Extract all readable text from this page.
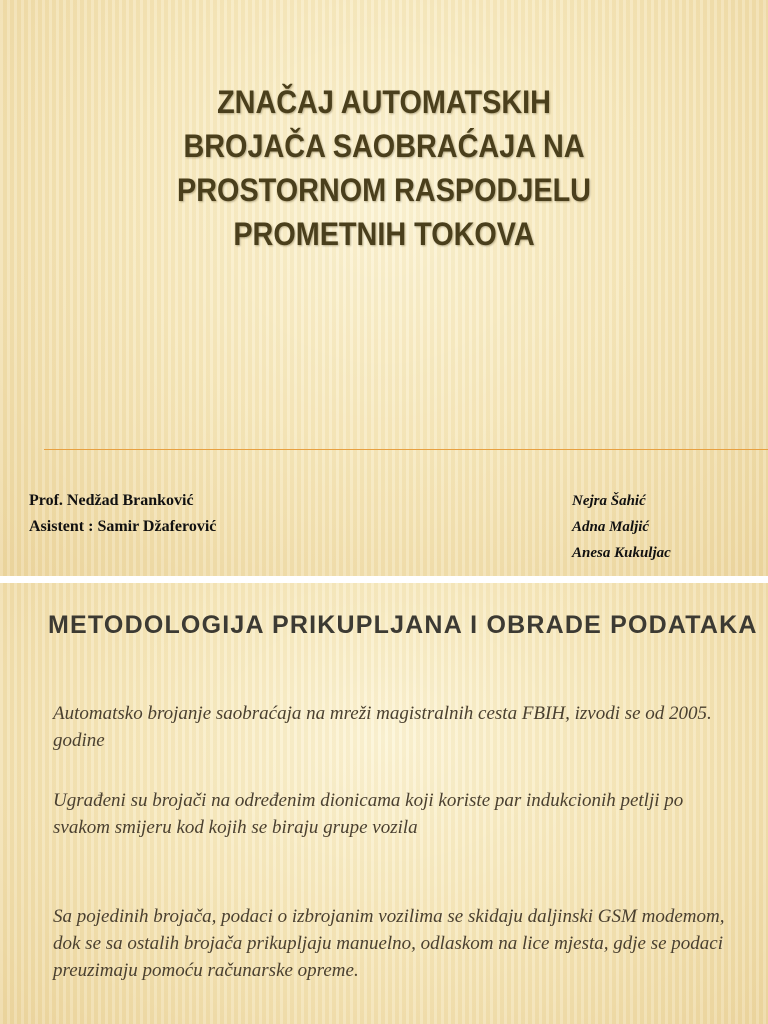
ZNAČAJ AUTOMATSKIH
BROJAČA SAOBRAĆAJA NA
PROSTORNOM RASPODJELU
PROMETNIH TOKOVA
Prof. Nedžad Branković
Asistent : Samir Džaferović
Nejra Šahić
Adna Maljić
Anesa Kukuljac
METODOLOGIJA PRIKUPLJANA I OBRADE PODATAKA

Automatsko brojanje saobraćaja na mreži magistralnih cesta FBIH, izvodi se od 2005. godine

Ugrađeni su brojači na određenim dionicama koji koriste par indukcionih petlji po svakom smijeru kod kojih se biraju grupe vozila

Sa pojedinih brojača, podaci o izbrojanim vozilima se skidaju daljinski GSM modemom, dok se sa ostalih brojača prikupljaju manuelno, odlaskom na lice mjesta, gdje se podaci preuzimaju pomoću računarske opreme.
